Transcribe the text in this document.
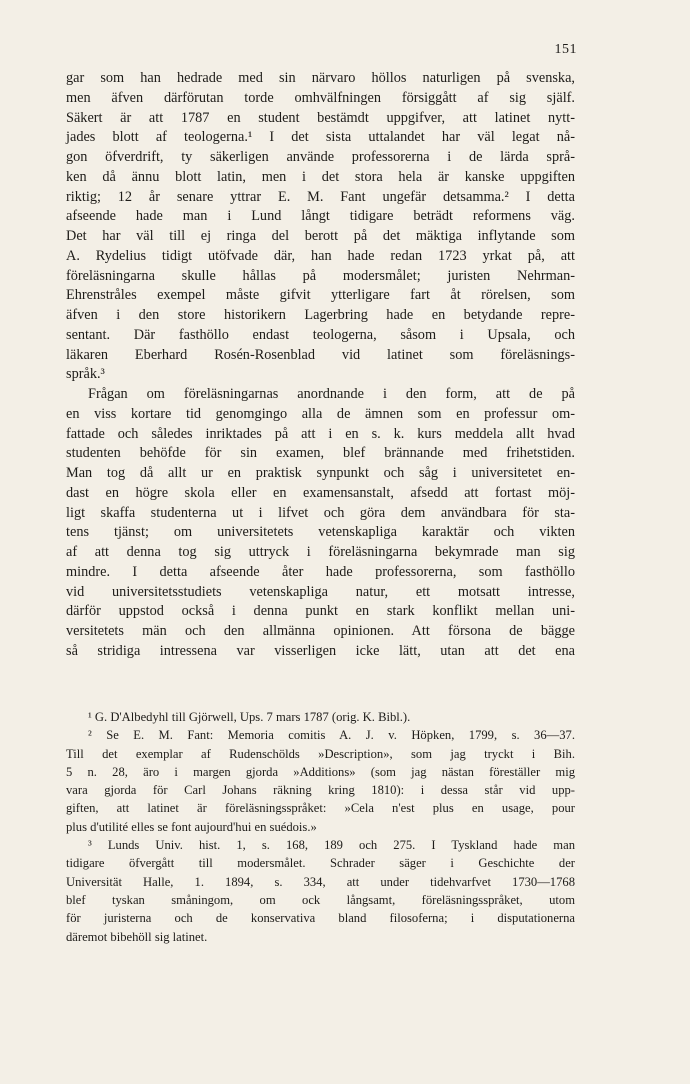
151
gar som han hedrade med sin närvaro höllos naturligen på svenska,
men äfven därförutan torde omhvälfningen försiggått af sig själf.
Säkert är att 1787 en student bestämdt uppgifver, att latinet nytt-
jades blott af teologerna.¹ I det sista uttalandet har väl legat nå-
gon öfverdrift, ty säkerligen använde professorerna i de lärda språ-
ken då ännu blott latin, men i det stora hela är kanske uppgiften
riktig; 12 år senare yttrar E. M. Fant ungefär detsamma.² I detta
afseende hade man i Lund långt tidigare beträdt reformens väg.
Det har väl till ej ringa del berott på det mäktiga inflytande som
A. Rydelius tidigt utöfvade där, han hade redan 1723 yrkat på, att
föreläsningarna skulle hållas på modersmålet; juristen Nehrman-
Ehrenstråles exempel måste gifvit ytterligare fart åt rörelsen, som
äfven i den store historikern Lagerbring hade en betydande repre-
sentant. Där fasthöllo endast teologerna, såsom i Upsala, och
läkaren Eberhard Rosén-Rosenblad vid latinet som föreläsnings-
språk.³
Frågan om föreläsningarnas anordnande i den form, att de på
en viss kortare tid genomgingo alla de ämnen som en professur om-
fattade och således inriktades på att i en s. k. kurs meddela allt hvad
studenten behöfde för sin examen, blef brännande med frihetstiden.
Man tog då allt ur en praktisk synpunkt och såg i universitetet en-
dast en högre skola eller en examensanstalt, afsedd att fortast möj-
ligt skaffa studenterna ut i lifvet och göra dem användbara för sta-
tens tjänst; om universitetets vetenskapliga karaktär och vikten
af att denna tog sig uttryck i föreläsningarna bekymrade man sig
mindre. I detta afseende åter hade professorerna, som fasthöllo
vid universitetsstudiets vetenskapliga natur, ett motsatt intresse,
därför uppstod också i denna punkt en stark konflikt mellan uni-
versitetets män och den allmänna opinionen. Att försona de bägge
så stridiga intressena var visserligen icke lätt, utan att det ena
¹ G. D'Albedyhl till Gjörwell, Ups. 7 mars 1787 (orig. K. Bibl.).
² Se E. M. Fant: Memoria comitis A. J. v. Höpken, 1799, s. 36—37.
Till det exemplar af Rudenschölds »Description», som jag tryckt i Bih.
5 n. 28, äro i margen gjorda »Additions» (som jag nästan föreställer mig
vara gjorda för Carl Johans räkning kring 1810): i dessa står vid upp-
giften, att latinet är föreläsningsspråket: »Cela n'est plus en usage, pour
plus d'utilité elles se font aujourd'hui en suédois.»
³ Lunds Univ. hist. 1, s. 168, 189 och 275. I Tyskland hade man
tidigare öfvergått till modersmålet. Schrader säger i Geschichte der
Universität Halle, 1. 1894, s. 334, att under tidehvarfvet 1730—1768
blef tyskan småningom, om ock långsamt, föreläsningsspråket, utom
för juristerna och de konservativa bland filosoferna; i disputationerna
däremot bibehöll sig latinet.
